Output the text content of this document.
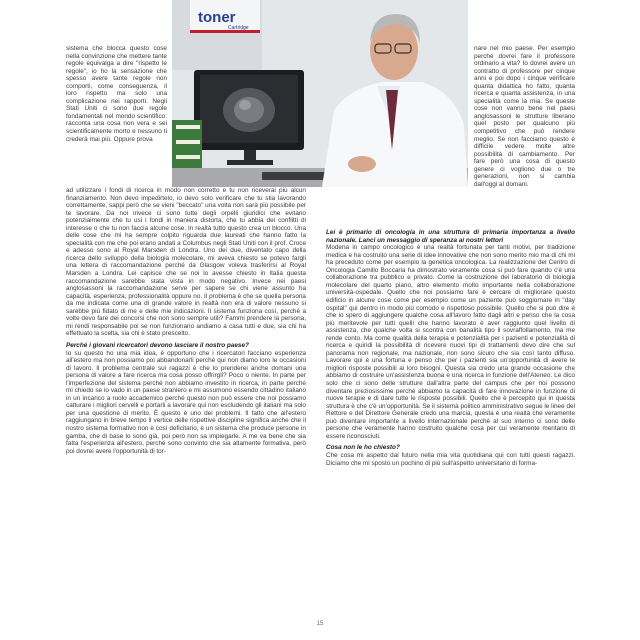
toner
Cartridge

sistema che blocca questo cose nella convinzione che mettere tante regole equivalga a dire "rispetto le regole", io ho la sensazione che spesso avere tante regole non comporti, come conseguenza, il loro rispetto ma solo una complicazione nei rapporti. Negli Stati Uniti ci sono due regole fondamentali nel mondo scientifico: racconta una cosa non vera e sei scientificamente morto e nessuno ti crederà mai più. Oppure prova

nare nel mio paese. Per esempio perché dovrei fare il professore ordinario a vita? Io dovrei avere un contratto di professore per cinque anni e poi dopo i cinque verificare quanta didattica ho fatto, quanta ricerca e quanta assistenza, in una specialità come la mia. Se queste cose non vanno bene nel paesi anglosassoni le strutture liberano quel posto per qualcuno più competitivo che può rendere meglio. Se non facciamo questo è difficile vedere molte altre possibilità di cambiamento. Per fare però una cosa di questo genere ci vogliono due o tre generazioni, non si cambia dall'oggi al domani.

ad utilizzare i fondi di ricerca in modo non corretto e tu non riceverai più alcun finanziamento. Non devo impedirtelo, io devo solo verificare che tu stia lavorando correttamente, sappi però che se vieni "beccato" una volta non sarà più possibile per te lavorare. Da noi invece ci sono tutte degli orpelli giuridici che evitano potenzialmente che tu usi i fondi in maniera distorta, che tu abbia dei conflitti di interesse o che tu non faccia alcune cose. In realtà tutto questo crea un blocco. Una delle cose che mi ha sempre colpito riguarda due laureati che hanno fatto la specialità con me che poi erano andati a Columbus negli Stati Uniti con il prof. Croce e adesso sono al Royal Marsden di Londra. Uno dei due, diventato capo della ricerca dello sviluppo della biologia molecolare, mi aveva chiesto se potevo fargli una lettera di raccomandazione perché da Glasgow voleva trasferirsi al Royal Marsden a Londra. Lei capisce che se noi lo avesse chiesto in Italia questa raccomandazione sarebbe stata vista in modo negativo. Invece nei paesi anglosassoni la raccomandazione serve per sapere se chi viene assunto ha capacità, esperienza, professionalità oppure no. Il problema è che se quella persona da me indicata come una di grande valore in realtà non era di valore nessuno si sarebbe più fidato di me e delle mie indicazioni. Il sistema funziona così, perché a volte devo fare dei concorsi che non sono sempre utili? Fammi prendere la persona, mi rendi responsabile poi se non funzionano andiamo a casa tutti e due, sia chi ha effettuato la scelta, sia chi è stato prescelto.

Perché i giovani ricercatori devono lasciare il nostro paese?

Io su questo ho una mia idea, è opportuno che i ricercatori facciano esperienza all'estero ma non possiamo poi abbandonarli perché qui non diamo loro le occasioni di lavoro. Il problema centrale sui ragazzi è che lo prenderei anche domani una persona di valore a fare ricerca ma cosa posso offrirgli? Poco o niente. In parte per l'imperfezione del sistema perché non abbiamo investito in ricerca, in parte perché mi chiedo se io vado in un paese straniero e mi assumono essendo cittadino italiano in un incarico a ruolo accademico perché questo non può essere che noi possiamo catturare i migliori cervelli e portarli a lavorare qui non escludendo gli italiani ma solo per una questione di merito. È questo è uno dei problemi. Il fatto che all'estero raggiungano in breve tempo il vertice delle rispettive discipline significa anche che il nostro sistema formativo non è così deficitario, è un sistema che produce persone in gamba, che di base lo sono già, poi però non sa impiegarle. A me va bene che sia fatta l'esperienza all'estero, perché sono convinto che sia altamente formativa, però poi dovrei avere l'opportunità di tor-

Lei è primario di oncologia in una struttura di primaria importanza a livello nazionale. Lanci un messaggio di speranza ai nostri lettori

Modena in campo oncologico è una realtà fortunata per tanti motivi, per tradizione medica e ha costruito una serie di idee innovative che non sono merito mio ma di chi mi ha preceduto come per esempio la genetica oncologica. La realizzazione del Centro di Oncologia Camillo Boccaria ha dimostrato veramente cosa si può fare quando c'è una collaborazione tra pubblico e privato. Come la costruzione dei laboratorio di biologia molecolare del quarto piano, altro elemento molto importante nella collaborazione università-ospedale. Quello che noi possiamo fare è cercare di migliorare questo edificio in alcune cose come per esempio come un paziente può soggiornare in "day ospital" qui dentro in modo più comodo e rispettoso possibile. Quello che si può dire è che io spero di aggiungere qualche cosa all'lavoro fatto dagli altri e penso che la cosa più meritevole per tutti quelli che hanno lavorato è aver raggiunto quel livello di assistenza, che qualche volta si scontra con banalità tipo il sovraffollamento, ma me rende conto. Ma come qualità della terapia e potenzialità per i pazienti e potenzialità di ricerca e quindi la possibilità di ricevere nuovi tipi di trattamenti devo dire che sul panorama non regionale, ma nazionale, non sono sicuro che sia così tanto diffuso. Lavorare qui è una fortuna e penso che per i pazienti sia un'opportunità di avere le migliori risposte possibili ai loro bisogni. Questa sia credo una grande occasione che abbiamo di costruire un'assistenza buona e una ricerca in funzione dell'Ateneo. Le dico solo che ci sono delle strutture dall'altra parte del campus che per noi possono diventare preziosissime perché abbiamo la capacità di fare innovazione in funzione di nuove terapie e di dare tutte le risposte possibili. Quello che è percepito qui in questa struttura è che c'è un'opportunità. Se il sistema politico amministrativo segue le linee del Rettore e del Direttore Generale credo una marcia, questa è una realtà che veramente può diventare importante a livello internazionale perché al suo interno ci sono delle persone che veramente hanno costruito qualche cosa per cui veramente meritano di essere riconosciuti.

Cosa non le ho chiesto?

Che cosa mi aspetto dal futuro nella mia vita quotidiana qui con tutti questi ragazzi. Diciamo che mi sposto un pochino di più sull'aspetto universitario di forma-

15
